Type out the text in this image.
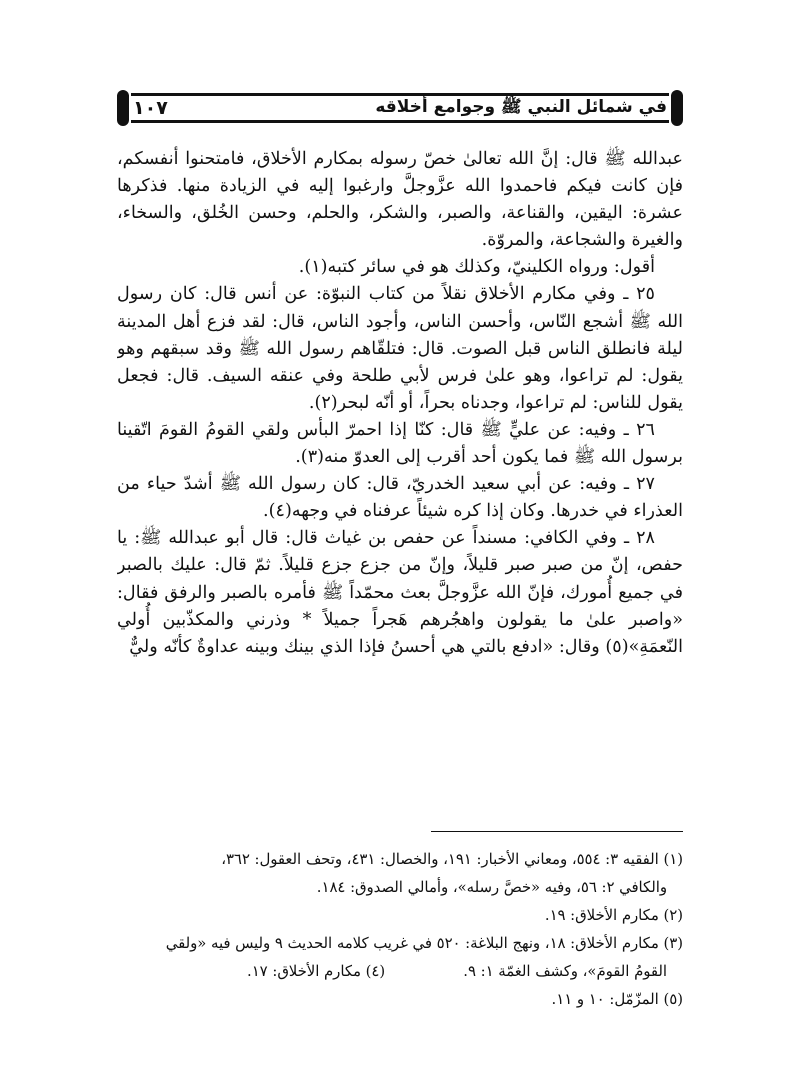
في شمائل النبي ﷺ وجوامع أخلاقه
١٠٧

عبدالله ﷺ قال: إنَّ الله تعالىٰ خصّ رسوله بمكارم الأخلاق، فامتحنوا أنفسكم، فإن كانت فيكم فاحمدوا الله عزَّوجلَّ وارغبوا إليه في الزيادة منها. فذكرها عشرة: اليقين، والقناعة، والصبر، والشكر، والحلم، وحسن الخُلق، والسخاء، والغيرة والشجاعة، والمروّة.

أقول: ورواه الكلينيّ، وكذلك هو في سائر كتبه(١).

٢٥ ـ وفي مكارم الأخلاق نقلاً من كتاب النبوّة: عن أنس قال: كان رسول الله ﷺ أشجع النّاس، وأحسن الناس، وأجود الناس، قال: لقد فزع أهل المدينة ليلة فانطلق الناس قبل الصوت. قال: فتلقّاهم رسول الله ﷺ وقد سبقهم وهو يقول: لم تراعوا، وهو علىٰ فرس لأبي طلحة وفي عنقه السيف. قال: فجعل يقول للناس: لم تراعوا، وجدناه بحراً، أو أنّه لبحر(٢).

٢٦ ـ وفيه: عن عليٍّ ﷺ قال: كنّا إذا احمرّ البأس ولقي القومُ القومَ اتّقينا برسول الله ﷺ فما يكون أحد أقرب إلى العدوّ منه(٣).

٢٧ ـ وفيه: عن أبي سعيد الخدريّ، قال: كان رسول الله ﷺ أشدّ حياء من العذراء في خدرها. وكان إذا كره شيئاً عرفناه في وجهه(٤).

٢٨ ـ وفي الكافي: مسنداً عن حفص بن غياث قال: قال أبو عبدالله ﷺ: يا حفص، إنّ من صبر صبر قليلاً، وإنّ من جزع جزع قليلاً. ثمّ قال: عليك بالصبر في جميع أُمورك، فإنّ الله عزَّوجلَّ بعث محمّداً ﷺ فأمره بالصبر والرفق فقال: «واصبر علىٰ ما يقولون واهجُرهم هَجراً جميلاً * وذرني والمكذّبين أُولي النّعمَةِ»(٥) وقال: «ادفع بالتي هي أحسنُ فإذا الذي بينك وبينه عداوةٌ كأنّه وليٌّ

(١) الفقيه ٣: ٥٥٤، ومعاني الأخبار: ١٩١، والخصال: ٤٣١، وتحف العقول: ٣٦٢،

والكافي ٢: ٥٦، وفيه «خصَّ رسله»، وأمالي الصدوق: ١٨٤.

(٢) مكارم الأخلاق: ١٩.

(٣) مكارم الأخلاق: ١٨، ونهج البلاغة: ٥٢٠ في غريب كلامه الحديث ٩ وليس فيه «ولقي

القومُ القومَ»، وكشف الغمّة ١: ٩.
(٤) مكارم الأخلاق: ١٧.

(٥) المزّمّل: ١٠ و ١١.
